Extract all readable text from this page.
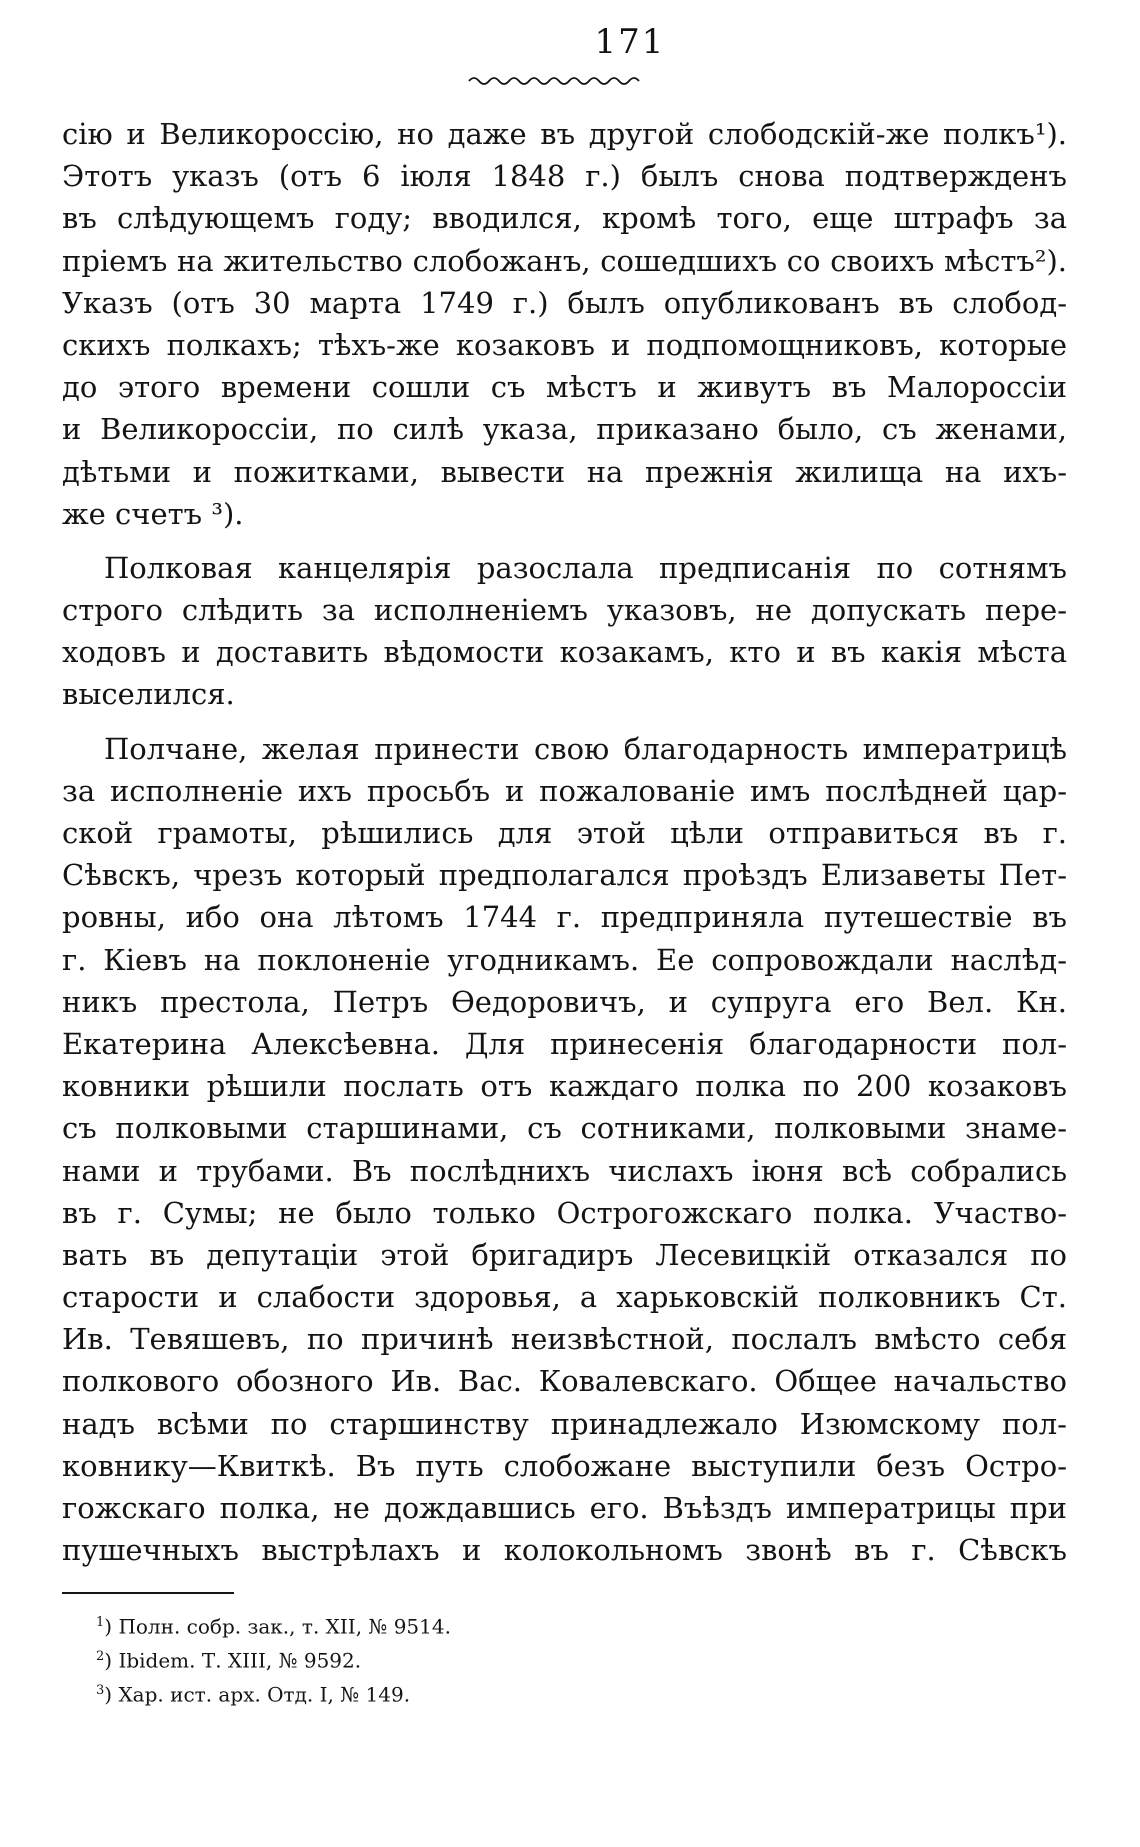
171
сію и Великороссію, но даже въ другой слободскій-же полкъ¹).
Этотъ указъ (отъ 6 іюля 1848 г.) былъ снова подтвержденъ
въ слѣдующемъ году; вводился, кромѣ того, еще штрафъ за
пріемъ на жительство слобожанъ, сошедшихъ со своихъ мѣстъ²).
Указъ (отъ 30 марта 1749 г.) былъ опубликованъ въ слобод-
скихъ полкахъ; тѣхъ-же козаковъ и подпомощниковъ, которые
до этого времени сошли съ мѣстъ и живутъ въ Малороссіи
и Великороссіи, по силѣ указа, приказано было, съ женами,
дѣтьми и пожитками, вывести на прежнія жилища на ихъ-
же счетъ ³).
Полковая канцелярія разослала предписанія по сотнямъ
строго слѣдить за исполненіемъ указовъ, не допускать пере-
ходовъ и доставить вѣдомости козакамъ, кто и въ какія мѣста
выселился.
Полчане, желая принести свою благодарность императрицѣ
за исполненіе ихъ просьбъ и пожалованіе имъ послѣдней цар-
ской грамоты, рѣшились для этой цѣли отправиться въ г.
Сѣвскъ, чрезъ который предполагался проѣздъ Елизаветы Пет-
ровны, ибо она лѣтомъ 1744 г. предприняла путешествіе въ
г. Кіевъ на поклоненіе угодникамъ. Ее сопровождали наслѣд-
никъ престола, Петръ Ѳедоровичъ, и супруга его Вел. Кн.
Екатерина Алексѣевна. Для принесенія благодарности пол-
ковники рѣшили послать отъ каждаго полка по 200 козаковъ
съ полковыми старшинами, съ сотниками, полковыми знаме-
нами и трубами. Въ послѣднихъ числахъ іюня всѣ собрались
въ г. Сумы; не было только Острогожскаго полка. Участво-
вать въ депутаціи этой бригадиръ Лесевицкій отказался по
старости и слабости здоровья, а харьковскій полковникъ Ст.
Ив. Тевяшевъ, по причинѣ неизвѣстной, послалъ вмѣсто себя
полкового обозного Ив. Вас. Ковалевскаго. Общее начальство
надъ всѣми по старшинству принадлежало Изюмскому пол-
ковнику—Квиткѣ. Въ путь слобожане выступили безъ Остро-
гожскаго полка, не дождавшись его. Въѣздъ императрицы при
пушечныхъ выстрѣлахъ и колокольномъ звонѣ въ г. Сѣвскъ
$^1$) Полн. собр. зак., т. XII, № 9514.
$^2$) Ibidem. Т. XIII, № 9592.
$^3$) Хар. ист. арх. Отд. I, № 149.
